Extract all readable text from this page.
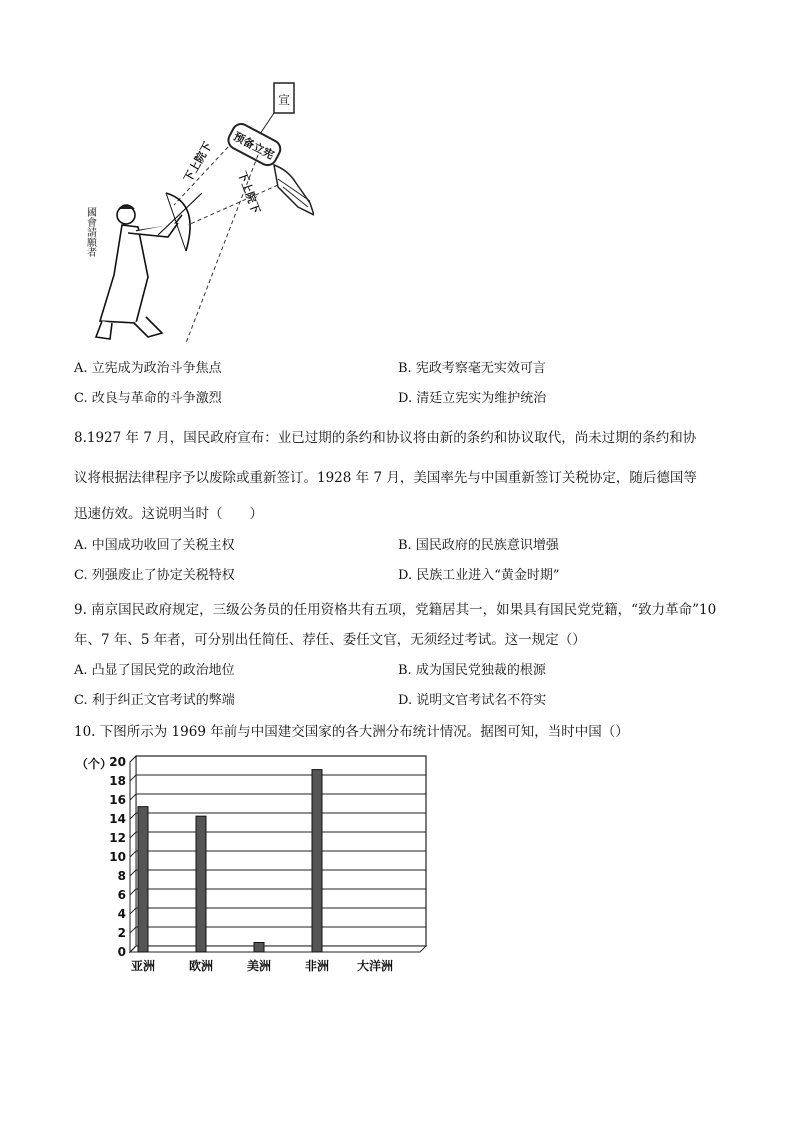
宣
预备立宪
下上院下
下上院下
國會請願者
A. 立宪成为政治斗争焦点	B. 宪政考察毫无实效可言
C. 改良与革命的斗争激烈	D. 清廷立宪实为维护统治
8.1927 年 7 月，国民政府宣布：业已过期的条约和协议将由新的条约和协议取代，尚未过期的条约和协
议将根据法律程序予以废除或重新签订。1928 年 7 月，美国率先与中国重新签订关税协定，随后德国等
迅速仿效。这说明当时（　　）
A. 中国成功收回了关税主权	B. 国民政府的民族意识增强
C. 列强废止了协定关税特权	D. 民族工业进入“黄金时期”
9. 南京国民政府规定，三级公务员的任用资格共有五项，党籍居其一，如果具有国民党党籍，“致力革命”10
年、7 年、5 年者，可分别出任简任、荐任、委任文官，无须经过考试。这一规定（）
A. 凸显了国民党的政治地位	B. 成为国民党独裁的根源
C. 利于纠正文官考试的弊端	D. 说明文官考试名不符实
10. 下图所示为 1969 年前与中国建交国家的各大洲分布统计情况。据图可知，当时中国（）
0
2
4
6
8
10
12
14
16
18
20
（个）
亚洲	欧洲	美洲	非洲 大洋洲
